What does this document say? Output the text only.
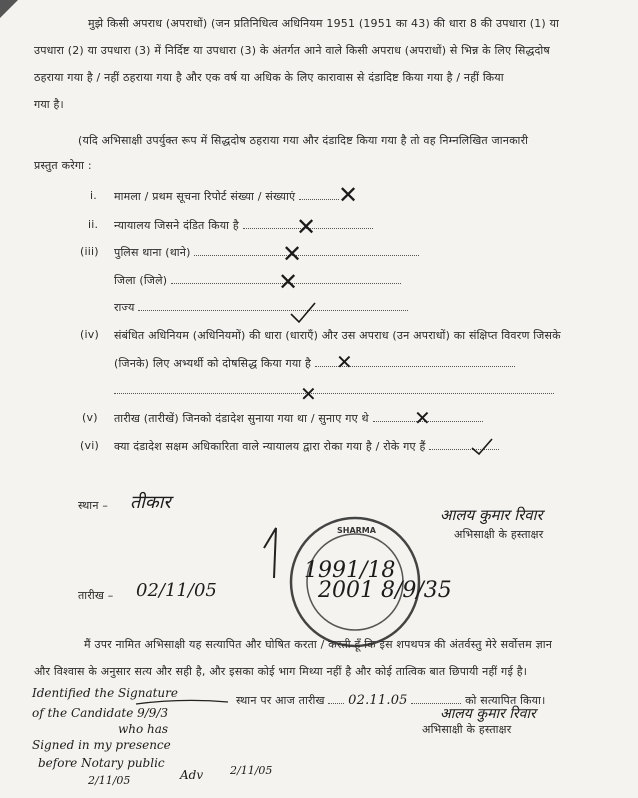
मुझे किसी अपराध (अपराधों) (जन प्रतिनिधित्व अधिनियम 1951 (1951 का 43) की धारा 8 की उपधारा (1) या
उपधारा (2) या उपधारा (3) में निर्दिष्ट या उपधारा (3) के अंतर्गत आने वाले किसी अपराध (अपराधों) से भिन्न के लिए सिद्धदोष
ठहराया गया है / नहीं ठहराया गया है और एक वर्ष या अधिक के लिए कारावास से दंडादिष्ट किया गया है / नहीं किया
गया है।
(यदि अभिसाक्षी उपर्युक्त रूप में सिद्धदोष ठहराया गया और दंडादिष्ट किया गया है तो वह निम्नलिखित जानकारी
प्रस्तुत करेगा :
i. मामला / प्रथम सूचना रिपोर्ट संख्या / संख्याएं
ii. न्यायालय जिसने दंडित किया है
(iii) पुलिस थाना (थाने)
जिला (जिले)
राज्य
(iv) संबंधित अधिनियम (अधिनियमों) की धारा (धाराएँ) और उस अपराध (उन अपराधों) का संक्षिप्त विवरण जिसके
(जिनके) लिए अभ्यर्थी को दोषसिद्ध किया गया है
(v) तारीख (तारीखें) जिनको दंडादेश सुनाया गया था / सुनाए गए थे
(vi) क्या दंडादेश सक्षम अधिकारिता वाले न्यायालय द्वारा रोका गया है / रोके गए हैं
✕
✕
✕
✕
✕
✕
✕
स्थान – तीकार
आलय कुमार रिवार
अभिसाक्षी के हस्ताक्षर
SHARMA
1991/18
2001 8/9/35
तारीख – 02/11/05
मैं उपर नामित अभिसाक्षी यह सत्यापित और घोषित करता / करती हूँ कि इस शपथपत्र की अंतर्वस्तु मेरे सर्वोत्तम ज्ञान
और विश्वास के अनुसार सत्य और सही है, और इसका कोई भाग मिथ्या नहीं है और कोई तात्विक बात छिपायी नहीं गई है।
स्थान पर आज तारीख 02.11.05	को सत्यापित किया।
आलय कुमार रिवार
अभिसाक्षी के हस्ताक्षर
Identified the Signature
of the Candidate 9/9/3
who has
Signed in my presence
before Notary public
2/11/05	Adv 2/11/05
